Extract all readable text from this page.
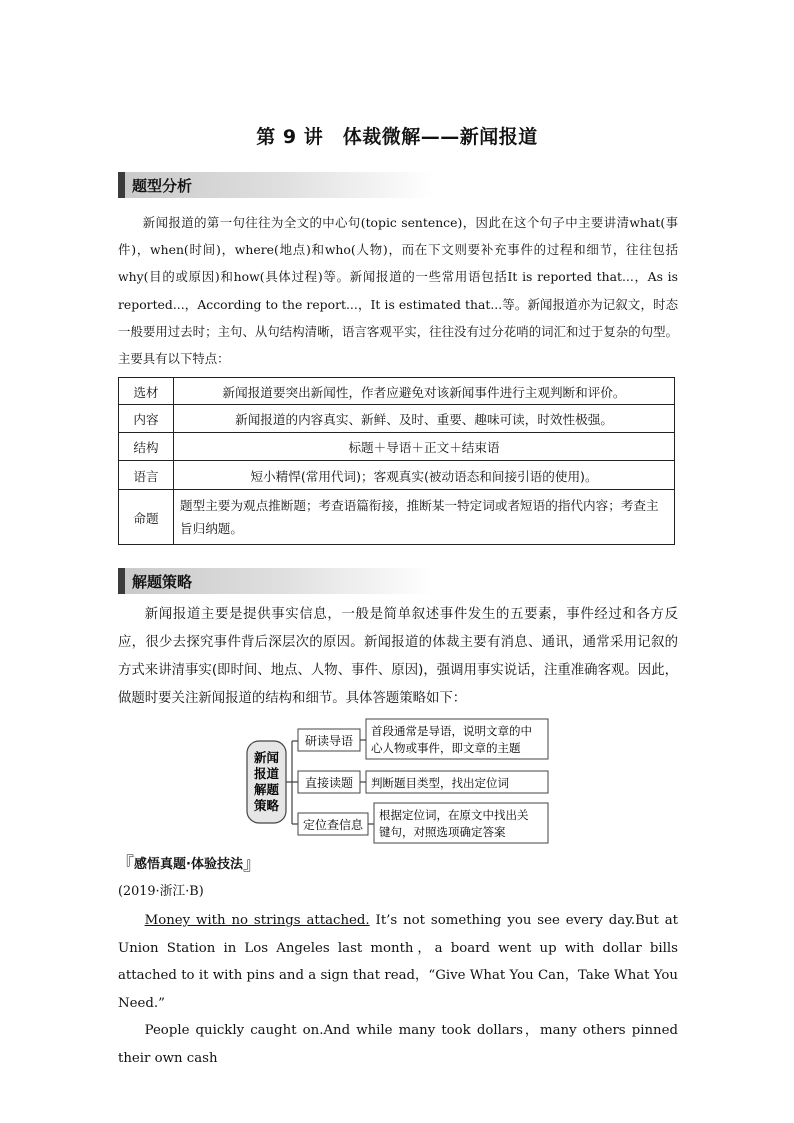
第 9 讲　体裁微解——新闻报道
题型分析

新闻报道的第一句往往为全文的中心句(topic sentence)，因此在这个句子中主要讲清what(事件)，when(时间)，where(地点)和who(人物)，而在下文则要补充事件的过程和细节，往往包括why(目的或原因)和how(具体过程)等。新闻报道的一些常用语包括It is reported that...，As is reported...，According to the report...，It is estimated that...等。新闻报道亦为记叙文，时态一般要用过去时；主句、从句结构清晰，语言客观平实，往往没有过分花哨的词汇和过于复杂的句型。主要具有以下特点：

选材	新闻报道要突出新闻性，作者应避免对该新闻事件进行主观判断和评价。
内容	新闻报道的内容真实、新鲜、及时、重要、趣味可读，时效性极强。
结构	标题＋导语＋正文＋结束语
语言	短小精悍(常用代词)；客观真实(被动语态和间接引语的使用)。
命题	题型主要为观点推断题；考查语篇衔接，推断某一特定词或者短语的指代内容；考查主旨归纳题。
解题策略

新闻报道主要是提供事实信息，一般是简单叙述事件发生的五要素，事件经过和各方反应，很少去探究事件背后深层次的原因。新闻报道的体裁主要有消息、通讯，通常采用记叙的方式来讲清事实(即时间、地点、人物、事件、原因)，强调用事实说话，注重准确客观。因此，做题时要关注新闻报道的结构和细节。具体答题策略如下：

新闻
报道
解题
策略
研读导语
直接读题
定位查信息
首段通常是导语，说明文章的中
心人物或事件，即文章的主题
判断题目类型，找出定位词
根据定位词，在原文中找出关
键句，对照选项确定答案
『感悟真题·体验技法』
(2019·浙江·B)

Money with no strings attached. It’s not something you see every day.But at Union Station in Los Angeles last month，a board went up with dollar bills attached to it with pins and a sign that read，“Give What You Can，Take What You Need.”

People quickly caught on.And while many took dollars，many others pinned their own cash
